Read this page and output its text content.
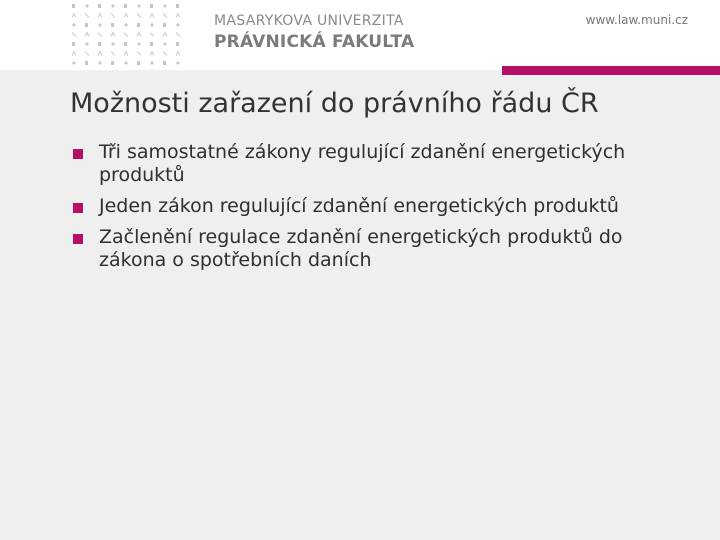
MASARYKOVA UNIVERZITA
PRÁVNICKÁ FAKULTA
www.law.muni.cz
Možnosti zařazení do právního řádu ČR
Tři samostatné zákony regulující zdanění energetických produktů
Jeden zákon regulující zdanění energetických produktů
Začlenění regulace zdanění energetických produktů do zákona o spotřebních daních
